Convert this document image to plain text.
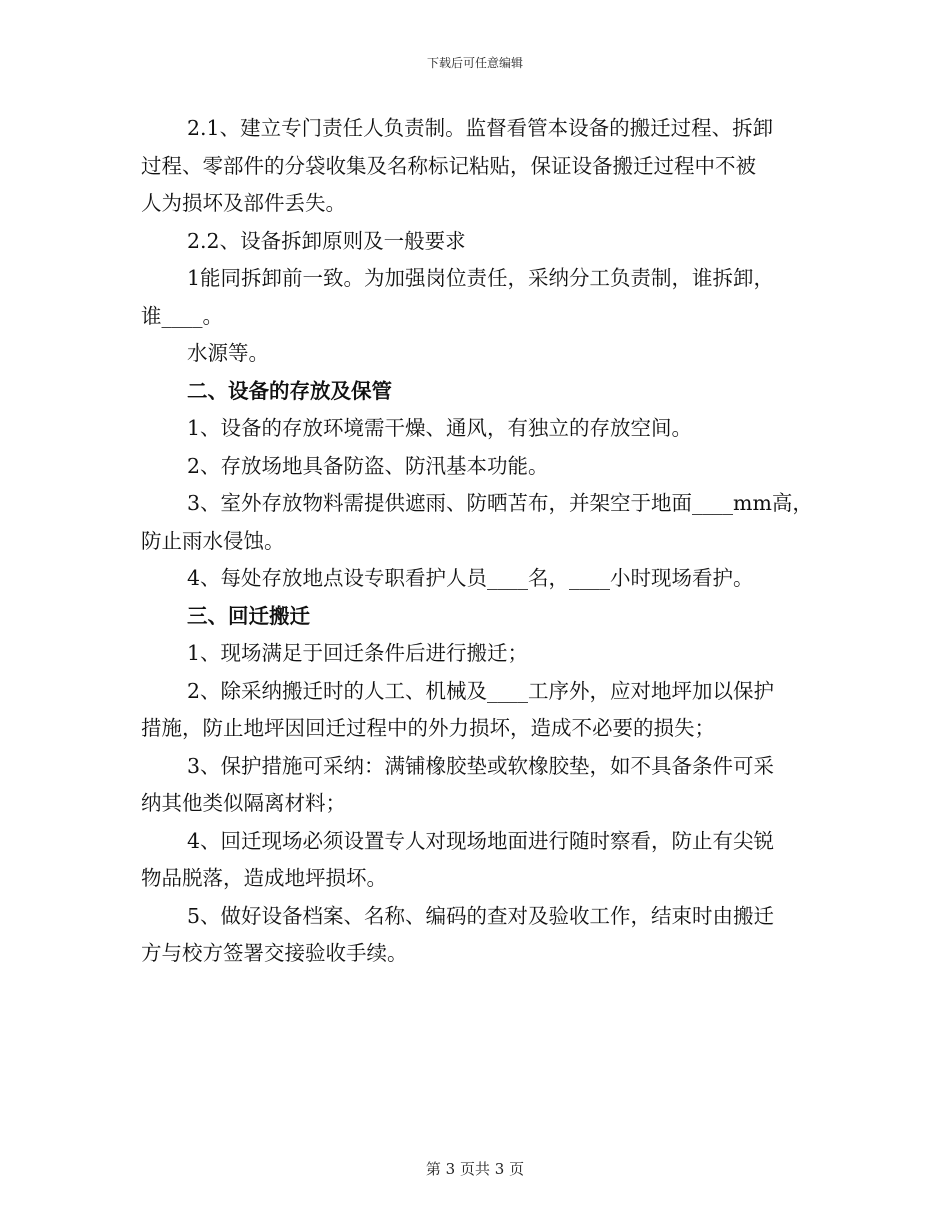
下载后可任意编辑
2.1、建立专门责任人负责制。监督看管本设备的搬迁过程、拆卸
过程、零部件的分袋收集及名称标记粘贴，保证设备搬迁过程中不被
人为损坏及部件丢失。
2.2、设备拆卸原则及一般要求
1能同拆卸前一致。为加强岗位责任，采纳分工负责制，谁拆卸，
谁____。
水源等。
二、设备的存放及保管
1、设备的存放环境需干燥、通风，有独立的存放空间。
2、存放场地具备防盗、防汛基本功能。
3、室外存放物料需提供遮雨、防晒苫布，并架空于地面____mm高，
防止雨水侵蚀。
4、每处存放地点设专职看护人员____名，____小时现场看护。
三、回迁搬迁
1、现场满足于回迁条件后进行搬迁；
2、除采纳搬迁时的人工、机械及____工序外，应对地坪加以保护
措施，防止地坪因回迁过程中的外力损坏，造成不必要的损失；
3、保护措施可采纳：满铺橡胶垫或软橡胶垫，如不具备条件可采
纳其他类似隔离材料；
4、回迁现场必须设置专人对现场地面进行随时察看，防止有尖锐
物品脱落，造成地坪损坏。
5、做好设备档案、名称、编码的查对及验收工作，结束时由搬迁
方与校方签署交接验收手续。
第 3 页共 3 页
